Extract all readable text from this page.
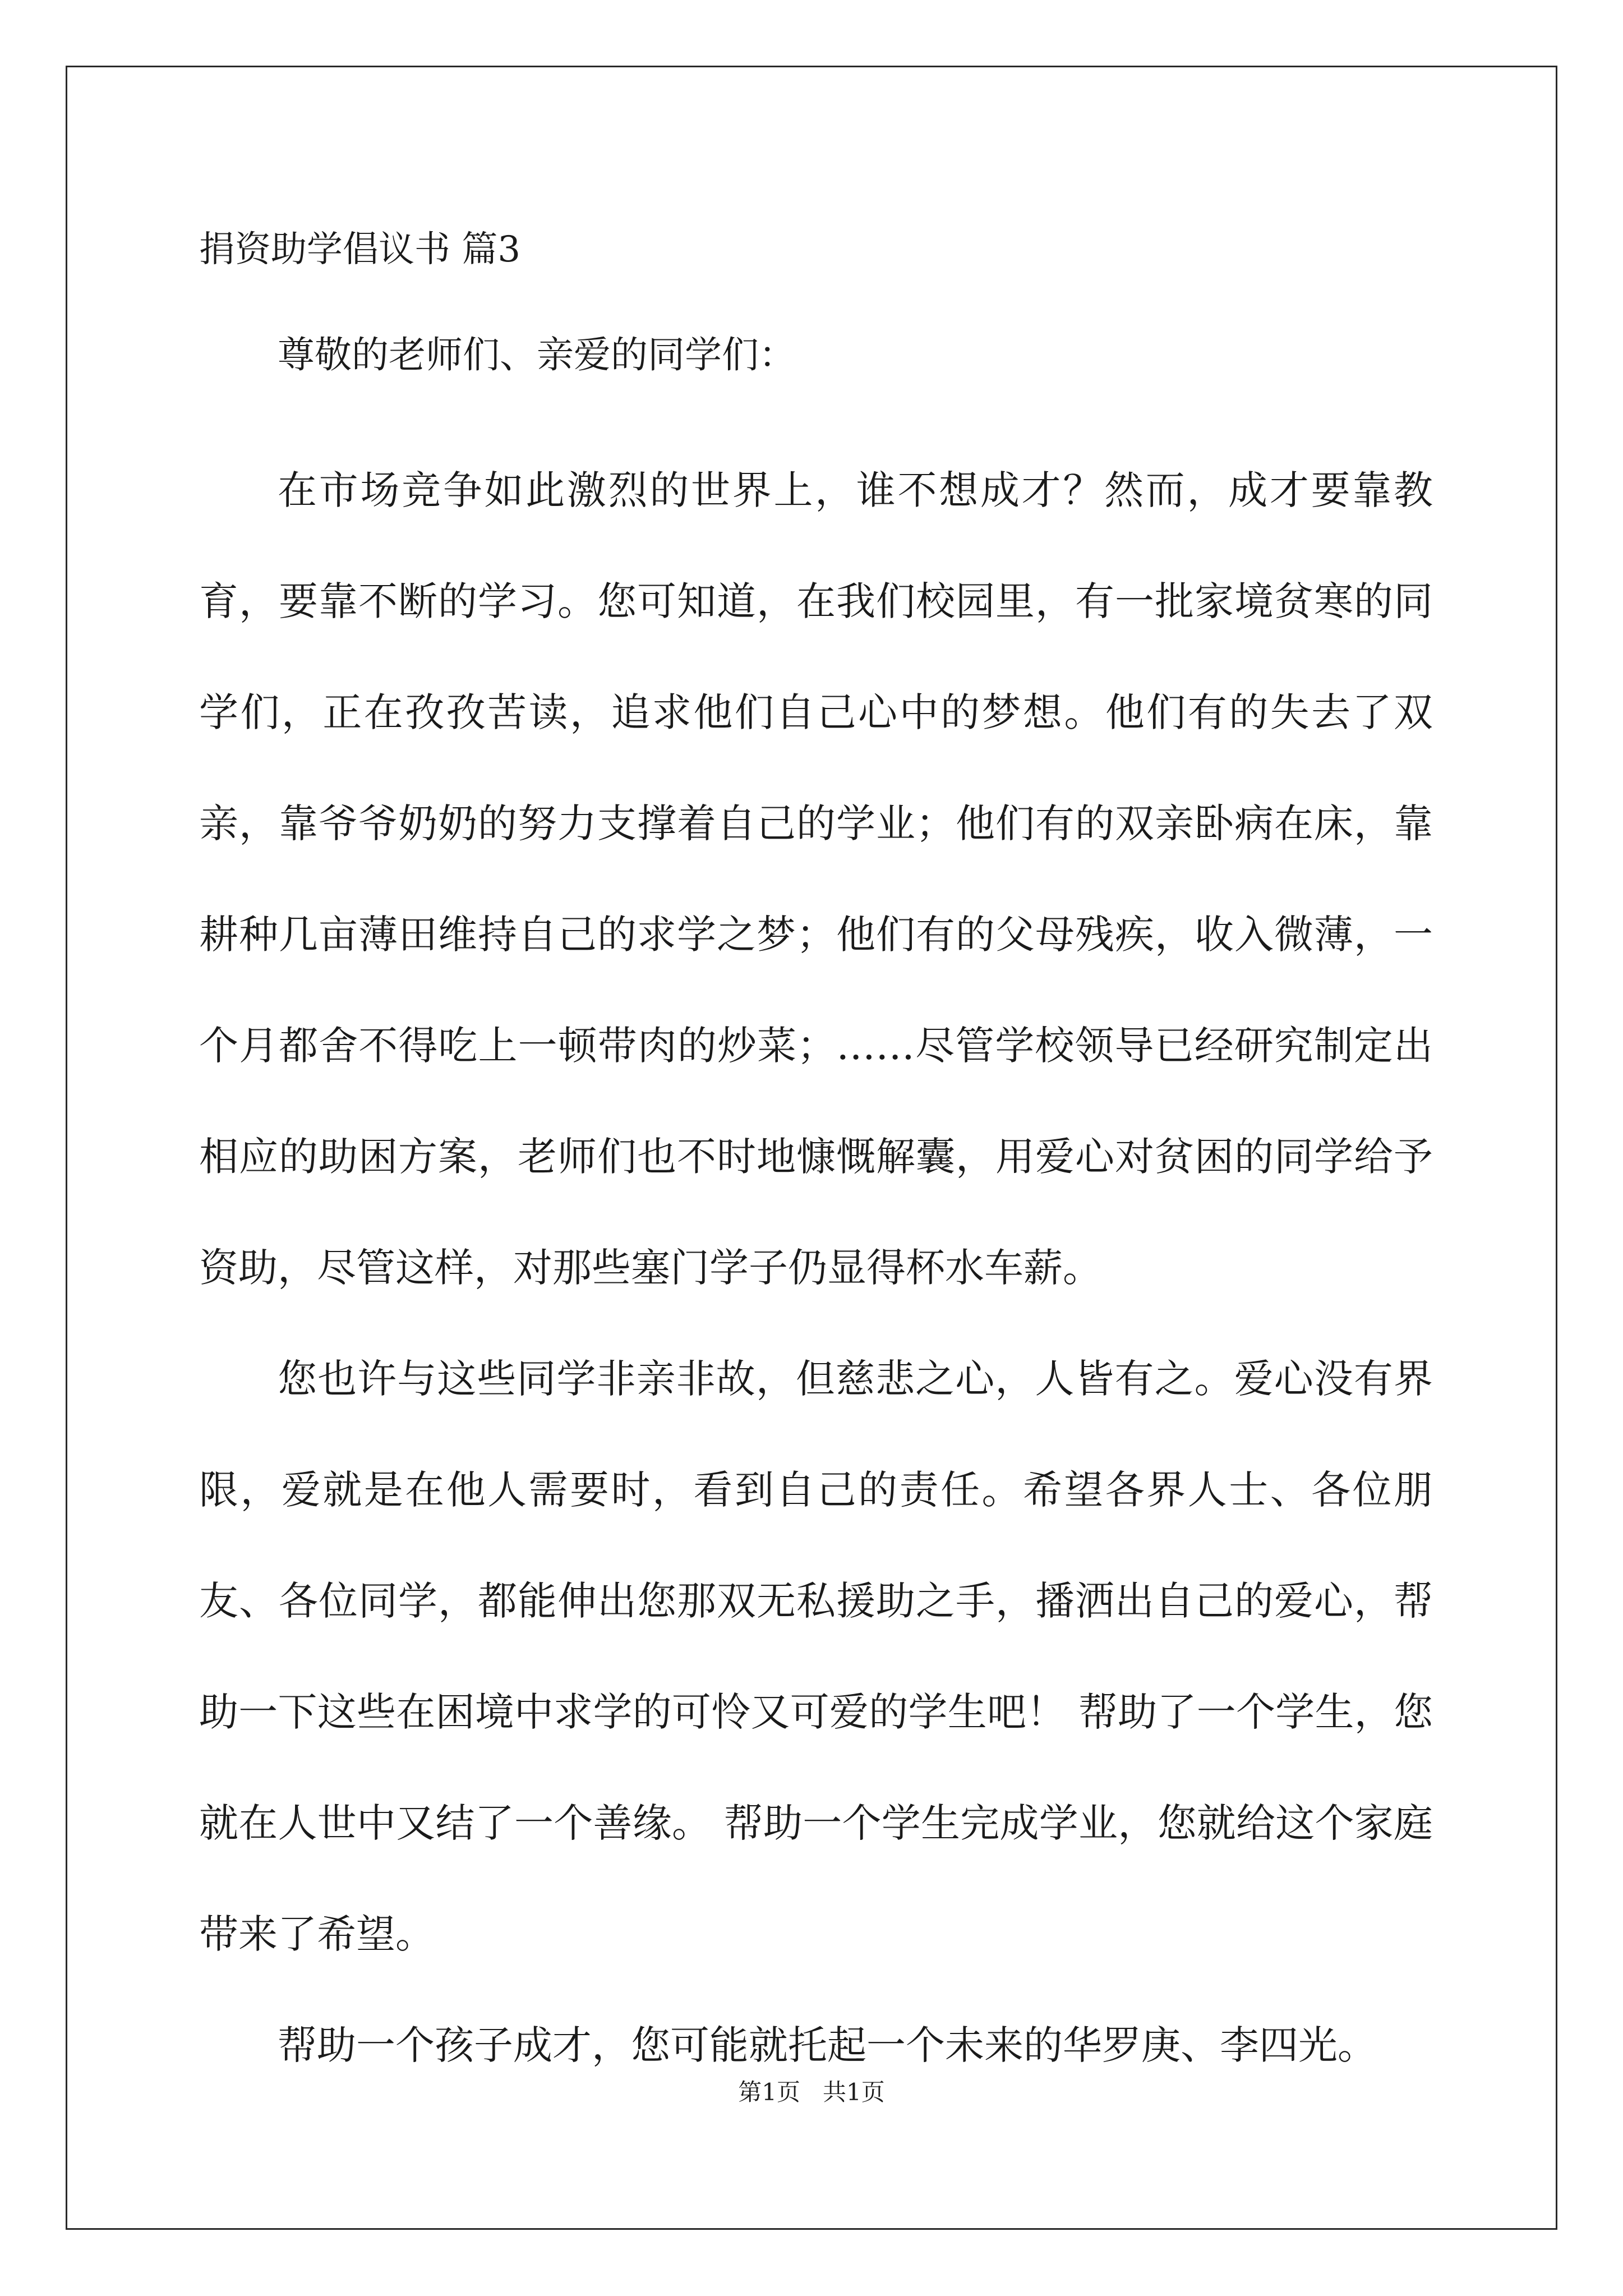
捐资助学倡议书 篇3
尊敬的老师们、亲爱的同学们：

在市场竞争如此激烈的世界上，谁不想成才？然而，成才要靠教育，要靠不断的学习。您可知道，在我们校园里，有一批家境贫寒的同学们，正在孜孜苦读，追求他们自己心中的梦想。他们有的失去了双亲，靠爷爷奶奶的努力支撑着自己的学业；他们有的双亲卧病在床，靠耕种几亩薄田维持自己的求学之梦；他们有的父母残疾，收入微薄，一个月都舍不得吃上一顿带肉的炒菜；……尽管学校领导已经研究制定出相应的助困方案，老师们也不时地慷慨解囊，用爱心对贫困的同学给予资助，尽管这样，对那些塞门学子仍显得杯水车薪。

您也许与这些同学非亲非故，但慈悲之心，人皆有之。爱心没有界限，爱就是在他人需要时，看到自己的责任。希望各界人士、各位朋友、各位同学，都能伸出您那双无私援助之手，播洒出自己的爱心，帮助一下这些在困境中求学的可怜又可爱的学生吧！ 帮助了一个学生，您就在人世中又结了一个善缘。 帮助一个学生完成学业，您就给这个家庭带来了希望。

帮助一个孩子成才，您可能就托起一个未来的华罗庚、李四光。

第1页   共1页
